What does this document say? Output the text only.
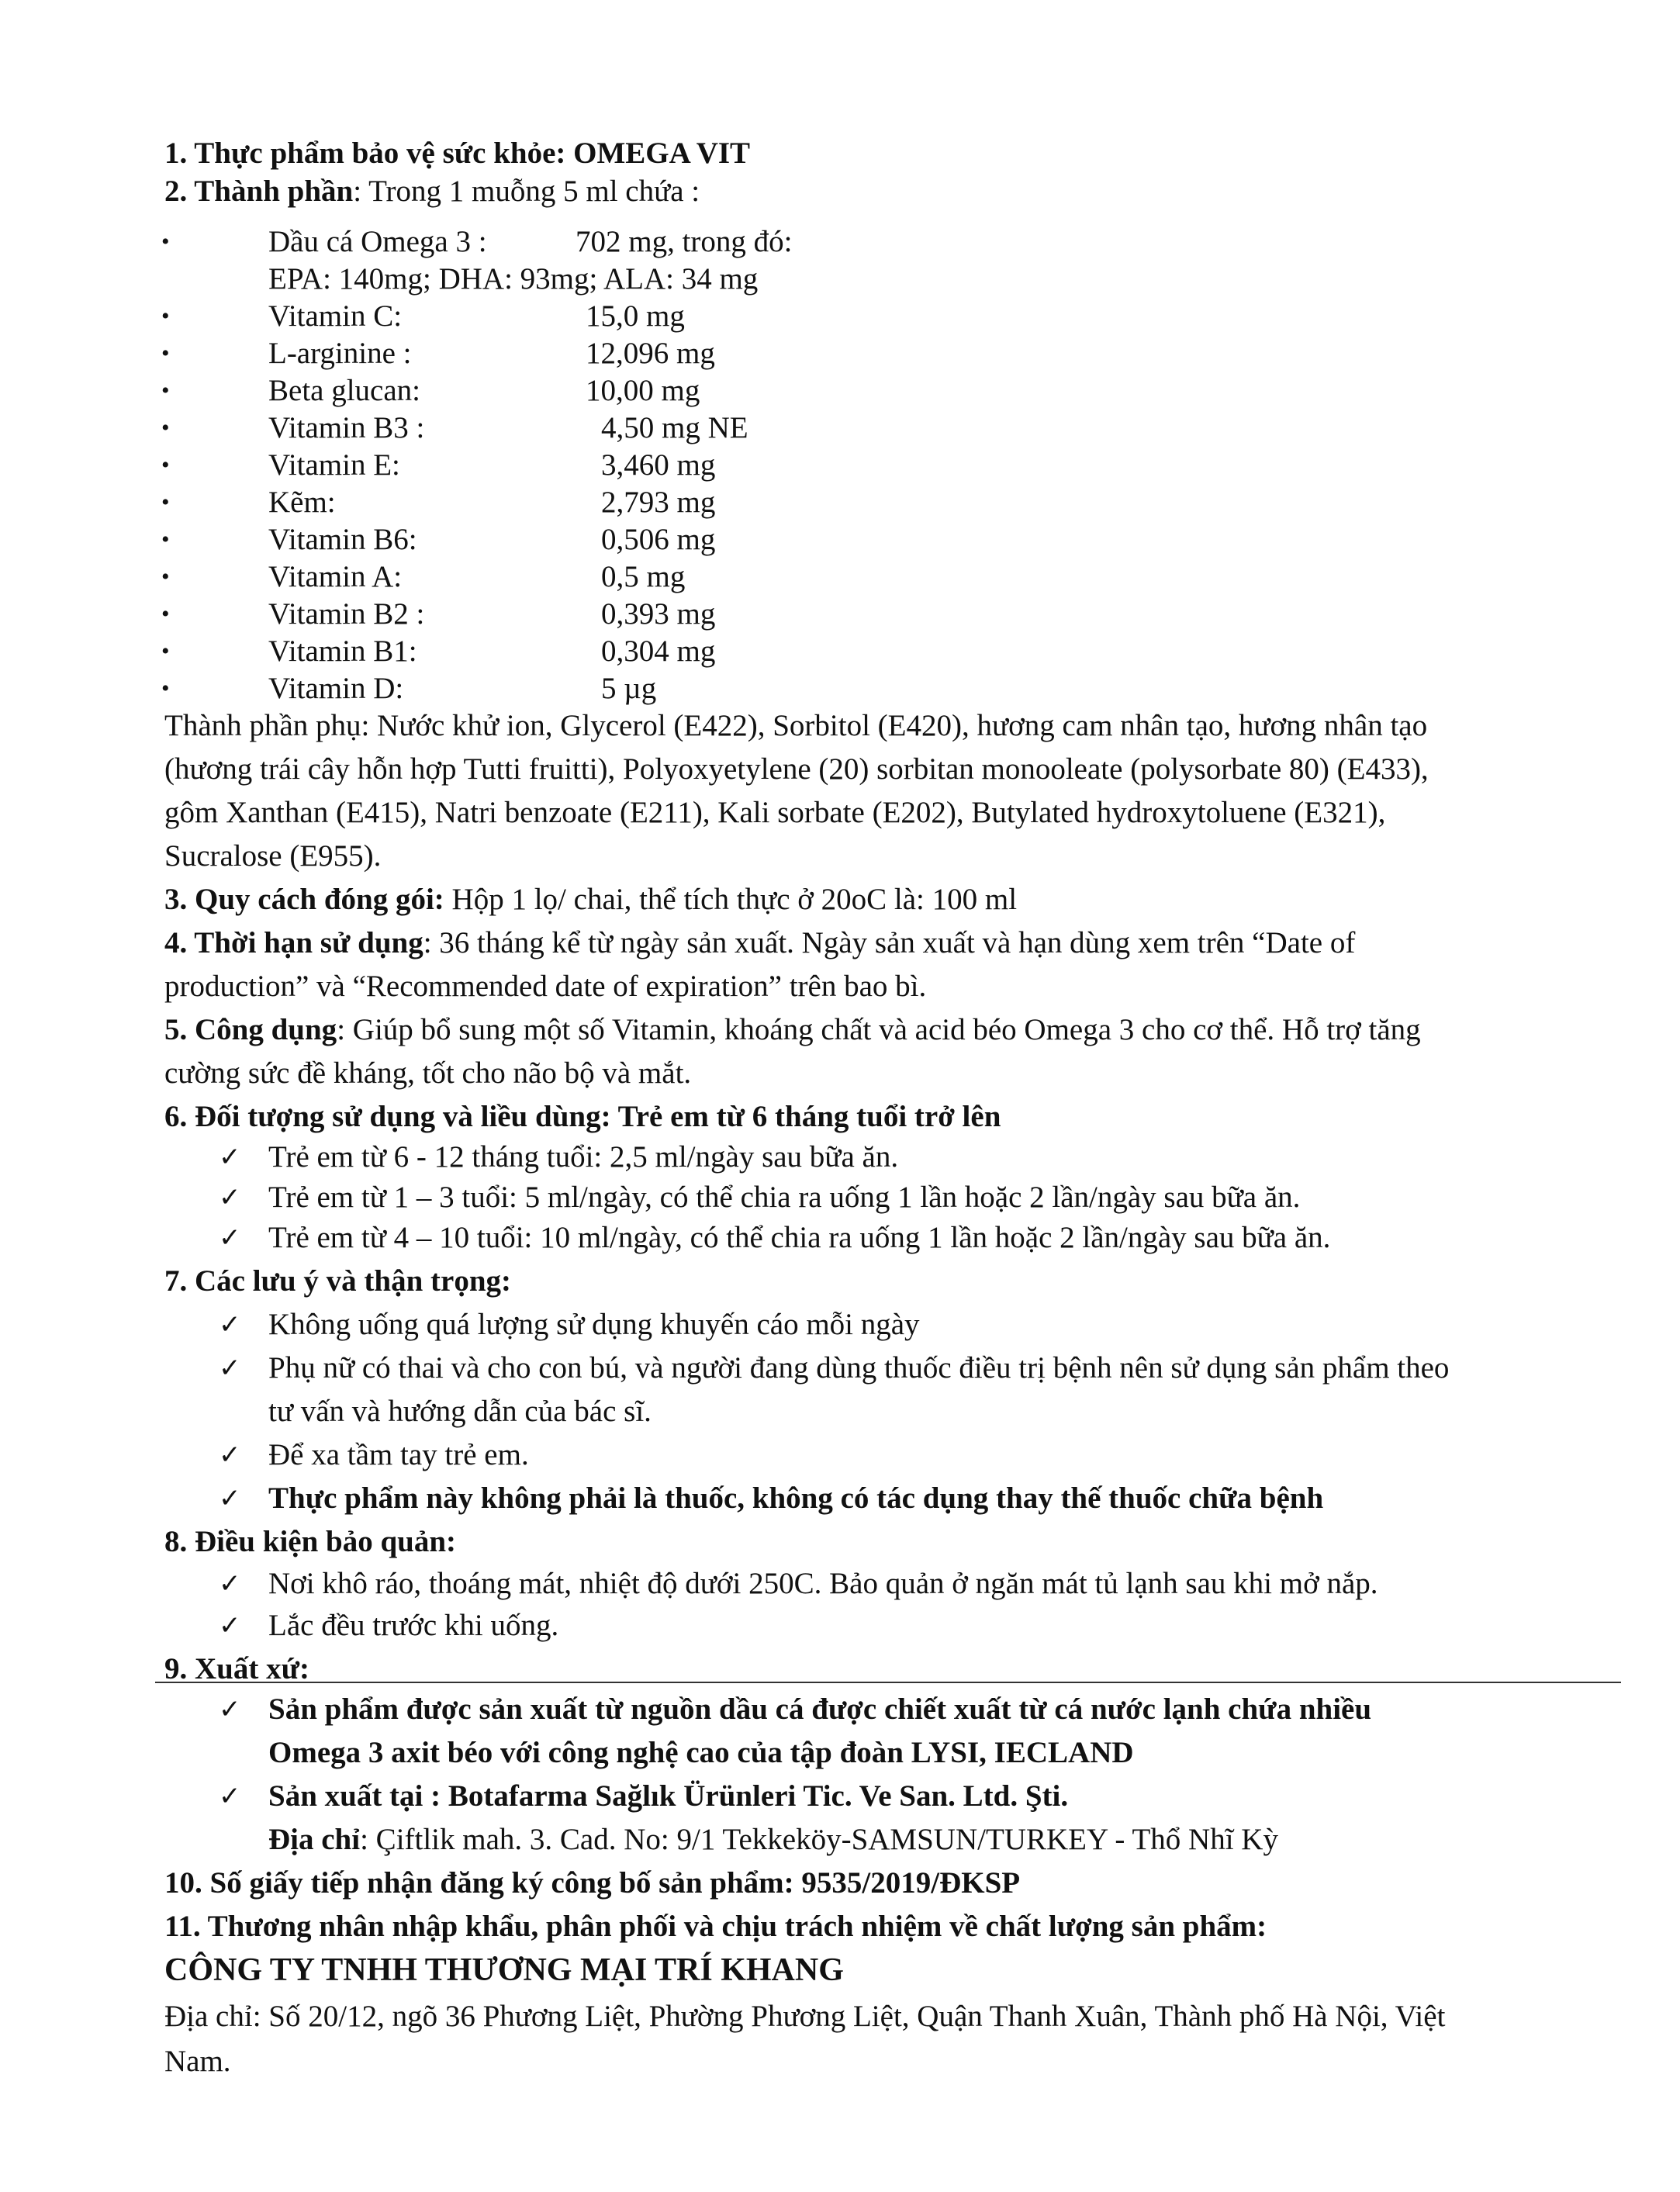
1. Thực phẩm bảo vệ sức khỏe: OMEGA VIT
2. Thành phần: Trong 1 muỗng 5 ml chứa :
•	Dầu cá Omega 3 :	702 mg, trong đó:
EPA: 140mg; DHA: 93mg; ALA: 34 mg
•	Vitamin C:	15,0 mg
•	L-arginine :	12,096 mg
•	Beta glucan:	10,00 mg
•	Vitamin B3 :	4,50 mg NE
•	Vitamin E:	3,460 mg
•	Kẽm:	2,793 mg
•	Vitamin B6:	0,506 mg
•	Vitamin A:	0,5 mg
•	Vitamin B2 :	0,393 mg
•	Vitamin B1:	0,304 mg
•	Vitamin D:	5 µg
Thành phần phụ: Nước khử ion, Glycerol (E422), Sorbitol (E420), hương cam nhân tạo, hương nhân tạo
(hương trái cây hỗn hợp Tutti fruitti), Polyoxyetylene (20) sorbitan monooleate (polysorbate 80) (E433),
gôm Xanthan (E415), Natri benzoate (E211), Kali sorbate (E202), Butylated hydroxytoluene (E321),
Sucralose (E955).
3. Quy cách đóng gói: Hộp 1 lọ/ chai, thể tích thực ở 20oC là: 100 ml
4. Thời hạn sử dụng: 36 tháng kể từ ngày sản xuất. Ngày sản xuất và hạn dùng xem trên “Date of
production” và “Recommended date of expiration” trên bao bì.
5. Công dụng: Giúp bổ sung một số Vitamin, khoáng chất và acid béo Omega 3 cho cơ thể. Hỗ trợ tăng
cường sức đề kháng, tốt cho não bộ và mắt.
6. Đối tượng sử dụng và liều dùng: Trẻ em từ 6 tháng tuổi trở lên
✓ Trẻ em từ 6 - 12 tháng tuổi: 2,5 ml/ngày sau bữa ăn.
✓ Trẻ em từ 1 – 3 tuổi: 5 ml/ngày, có thể chia ra uống 1 lần hoặc 2 lần/ngày sau bữa ăn.
✓ Trẻ em từ 4 – 10 tuổi: 10 ml/ngày, có thể chia ra uống 1 lần hoặc 2 lần/ngày sau bữa ăn.
7. Các lưu ý và thận trọng:
✓ Không uống quá lượng sử dụng khuyến cáo mỗi ngày
✓ Phụ nữ có thai và cho con bú, và người đang dùng thuốc điều trị bệnh nên sử dụng sản phẩm theo
tư vấn và hướng dẫn của bác sĩ.
✓ Để xa tầm tay trẻ em.
✓ Thực phẩm này không phải là thuốc, không có tác dụng thay thế thuốc chữa bệnh
8. Điều kiện bảo quản:
✓ Nơi khô ráo, thoáng mát, nhiệt độ dưới 250C. Bảo quản ở ngăn mát tủ lạnh sau khi mở nắp.
✓ Lắc đều trước khi uống.
9. Xuất xứ:
✓ Sản phẩm được sản xuất từ nguồn dầu cá được chiết xuất từ cá nước lạnh chứa nhiều
Omega 3 axit béo với công nghệ cao của tập đoàn LYSI, IECLAND
✓ Sản xuất tại : Botafarma Sağlık Ürünleri Tic. Ve San. Ltd. Şti.
Địa chỉ: Çiftlik mah. 3. Cad. No: 9/1 Tekkeköy-SAMSUN/TURKEY - Thổ Nhĩ Kỳ
10. Số giấy tiếp nhận đăng ký công bố sản phẩm: 9535/2019/ĐKSP
11. Thương nhân nhập khẩu, phân phối và chịu trách nhiệm về chất lượng sản phẩm:
CÔNG TY TNHH THƯƠNG MẠI TRÍ KHANG
Địa chỉ: Số 20/12, ngõ 36 Phương Liệt, Phường Phương Liệt, Quận Thanh Xuân, Thành phố Hà Nội, Việt
Nam.
